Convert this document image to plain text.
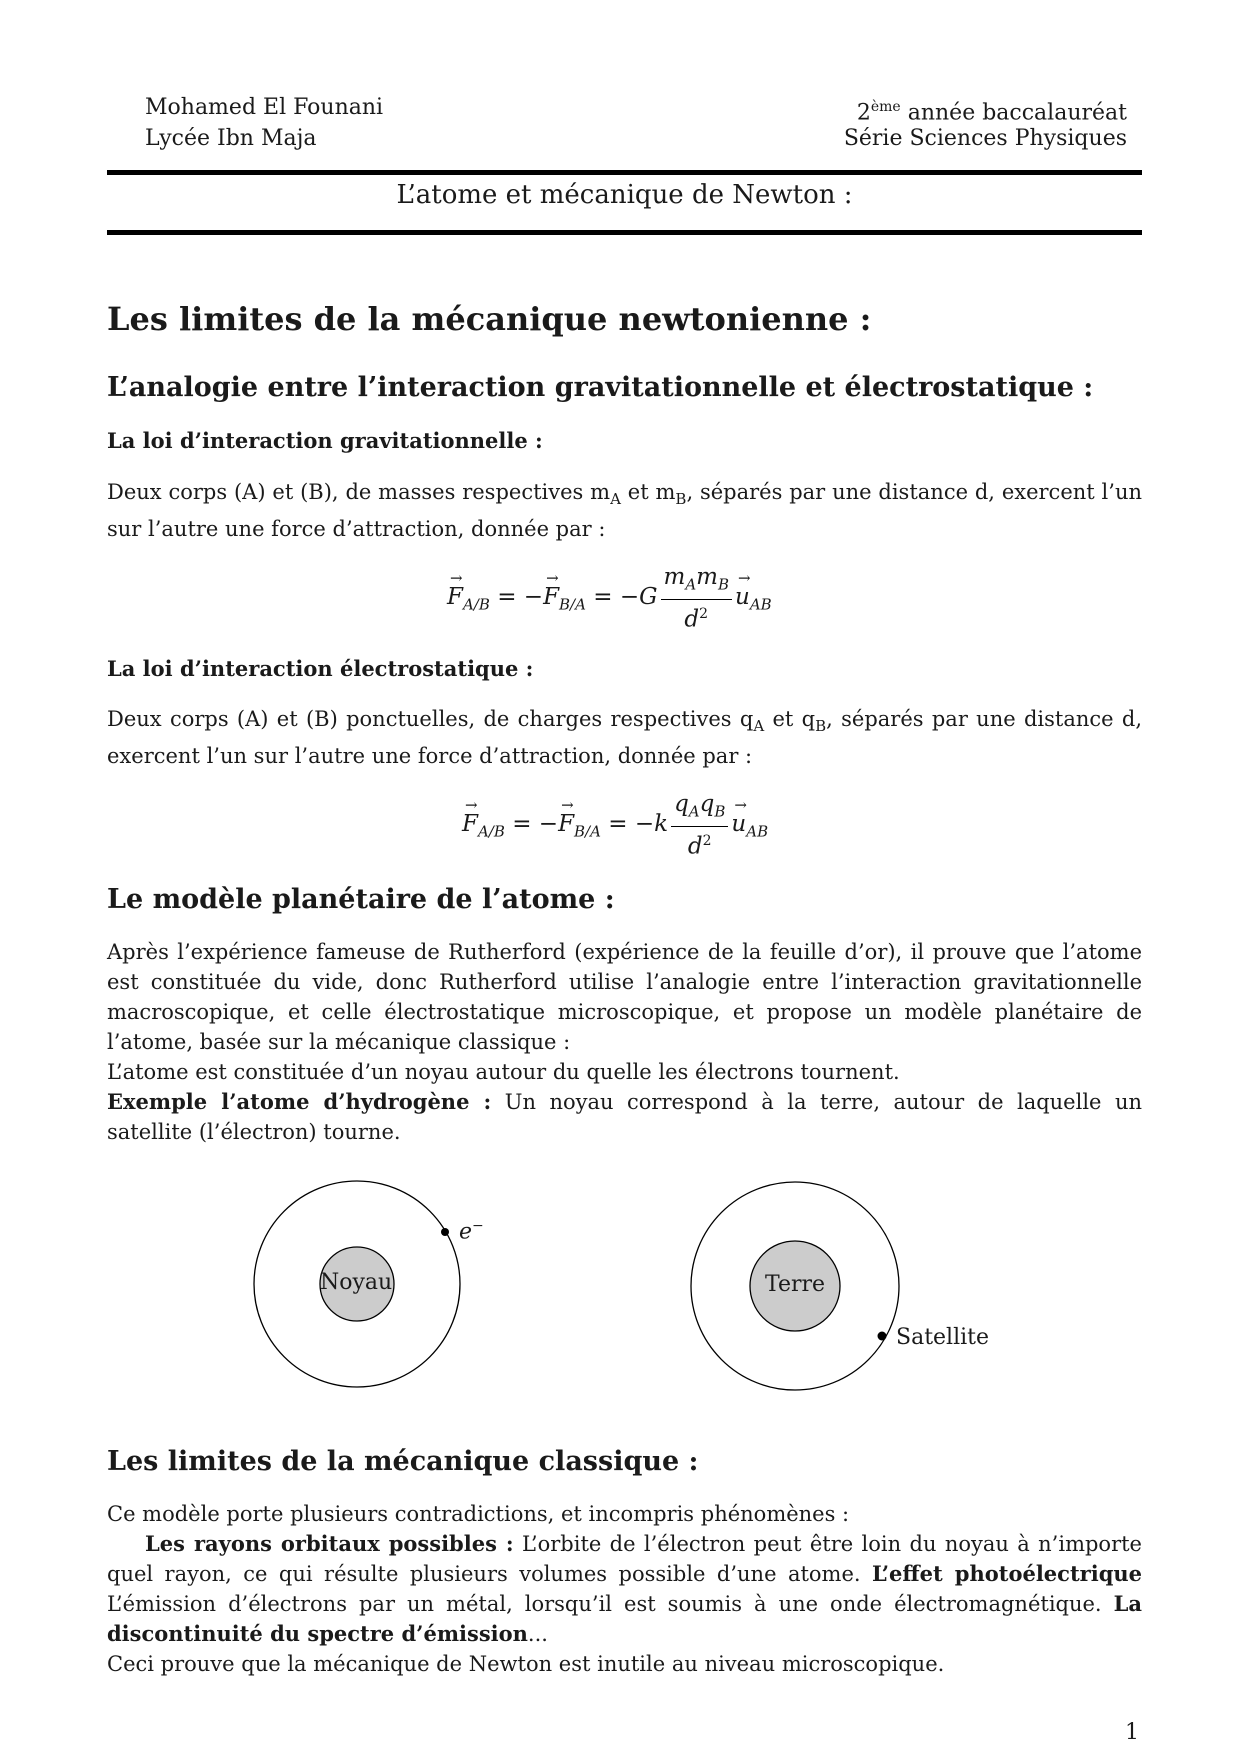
Mohamed El Founani
Lycée Ibn Maja
2ème année baccalauréat
Série Sciences Physiques
L’atome et mécanique de Newton :
Les limites de la mécanique newtonienne :
L’analogie entre l’interaction gravitationnelle et électrostatique :
La loi d’interaction gravitationnelle :

Deux corps (A) et (B), de masses respectives $m_A$ et $m_B$, séparés par une distance d, exercent l’un sur l’autre une force d’attraction, donnée par :

→ $F_{A/B}$ = −→ $F_{B/A} = -G \frac{m_Am_B}{d^2}$
→ $u_{AB}$
La loi d’interaction électrostatique :

Deux corps (A) et (B) ponctuelles, de charges respectives $q_A$ et $q_B$, séparés par une distance d, exercent l’un sur l’autre une force d’attraction, donnée par :

→ $F_{A/B}$ = −→ $F_{B/A} = -k \frac{q_Aq_B}{d^2}$
→ $u_{AB}$
Le modèle planétaire de l’atome :

Après l’expérience fameuse de Rutherford (expérience de la feuille d’or), il prouve que l’atome est constituée du vide, donc Rutherford utilise l’analogie entre l’interaction gravitationnelle macroscopique, et celle électrostatique microscopique, et propose un modèle planétaire de l’atome, basée sur la mécanique classique :

L’atome est constituée d’un noyau autour du quelle les électrons tournent.

Exemple l’atome d’hydrogène : Un noyau correspond à la terre, autour de laquelle un satellite (l’électron) tourne.

Noyau
e−
Terre
Satellite
Les limites de la mécanique classique :

Ce modèle porte plusieurs contradictions, et incompris phénomènes :

Les rayons orbitaux possibles : L’orbite de l’électron peut être loin du noyau à n’importe quel rayon, ce qui résulte plusieurs volumes possible d’une atome. L’effet photoélectrique L’émission d’électrons par un métal, lorsqu’il est soumis à une onde électromagnétique. La discontinuité du spectre d’émission...

Ceci prouve que la mécanique de Newton est inutile au niveau microscopique.

1
